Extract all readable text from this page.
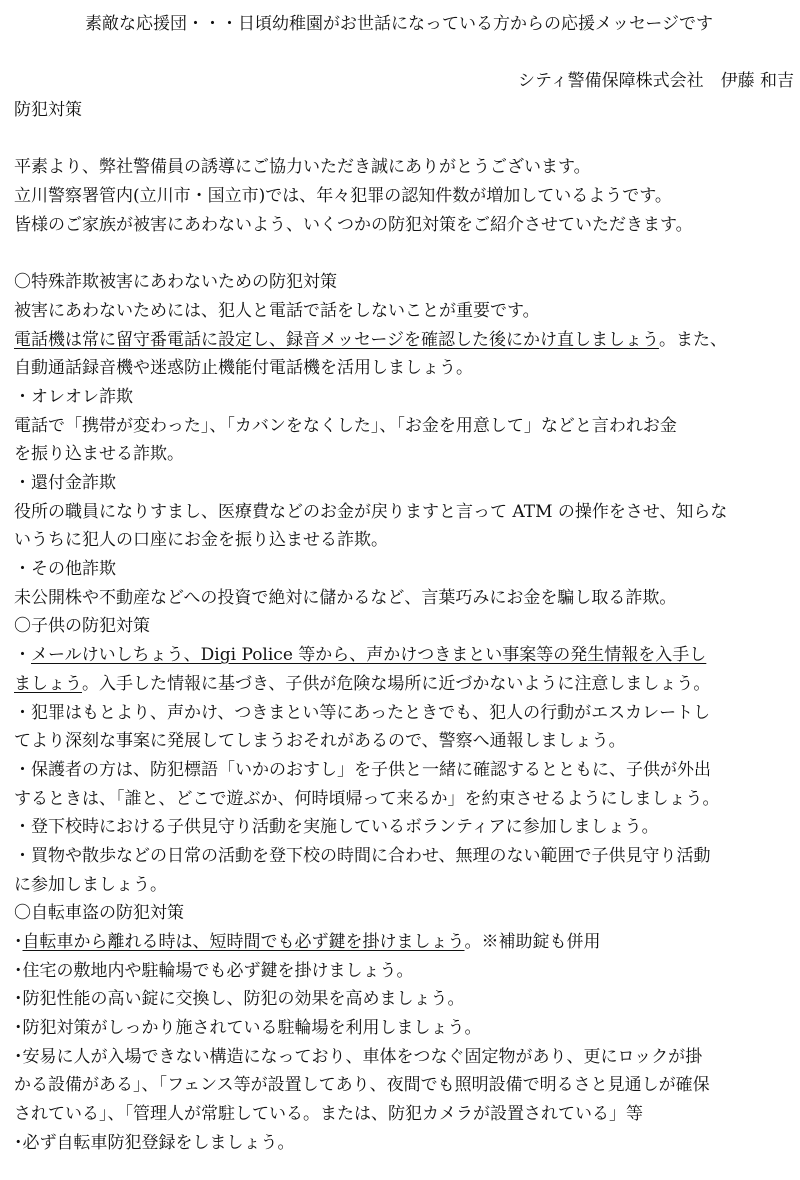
素敵な応援団・・・日頃幼稚園がお世話になっている方からの応援メッセージです
シティ警備保障株式会社　伊藤 和吉
防犯対策
平素より、弊社警備員の誘導にご協力いただき誠にありがとうございます。
立川警察署管内(立川市・国立市)では、年々犯罪の認知件数が増加しているようです。
皆様のご家族が被害にあわないよう、いくつかの防犯対策をご紹介させていただきます。
〇特殊詐欺被害にあわないための防犯対策
被害にあわないためには、犯人と電話で話をしないことが重要です。
電話機は常に留守番電話に設定し、録音メッセージを確認した後にかけ直しましょう。また、
自動通話録音機や迷惑防止機能付電話機を活用しましょう。
・オレオレ詐欺
電話で「携帯が変わった」、「カバンをなくした」、「お金を用意して」などと言われお金
を振り込ませる詐欺。
・還付金詐欺
役所の職員になりすまし、医療費などのお金が戻りますと言って ATM の操作をさせ、知らな
いうちに犯人の口座にお金を振り込ませる詐欺。
・その他詐欺
未公開株や不動産などへの投資で絶対に儲かるなど、言葉巧みにお金を騙し取る詐欺。
〇子供の防犯対策
・メールけいしちょう、Digi Police 等から、声かけつきまとい事案等の発生情報を入手し
ましょう。入手した情報に基づき、子供が危険な場所に近づかないように注意しましょう。
・犯罪はもとより、声かけ、つきまとい等にあったときでも、犯人の行動がエスカレートし
てより深刻な事案に発展してしまうおそれがあるので、警察へ通報しましょう。
・保護者の方は、防犯標語「いかのおすし」を子供と一緒に確認するとともに、子供が外出
するときは、「誰と、どこで遊ぶか、何時頃帰って来るか」を約束させるようにしましょう。
・登下校時における子供見守り活動を実施しているボランティアに参加しましょう。
・買物や散歩などの日常の活動を登下校の時間に合わせ、無理のない範囲で子供見守り活動
に参加しましょう。
〇自転車盗の防犯対策
･自転車から離れる時は、短時間でも必ず鍵を掛けましょう。※補助錠も併用
･住宅の敷地内や駐輪場でも必ず鍵を掛けましょう。
･防犯性能の高い錠に交換し、防犯の効果を高めましょう。
･防犯対策がしっかり施されている駐輪場を利用しましょう。
･安易に人が入場できない構造になっており、車体をつなぐ固定物があり、更にロックが掛
かる設備がある」、「フェンス等が設置してあり、夜間でも照明設備で明るさと見通しが確保
されている」、「管理人が常駐している。または、防犯カメラが設置されている」等
･必ず自転車防犯登録をしましょう。
